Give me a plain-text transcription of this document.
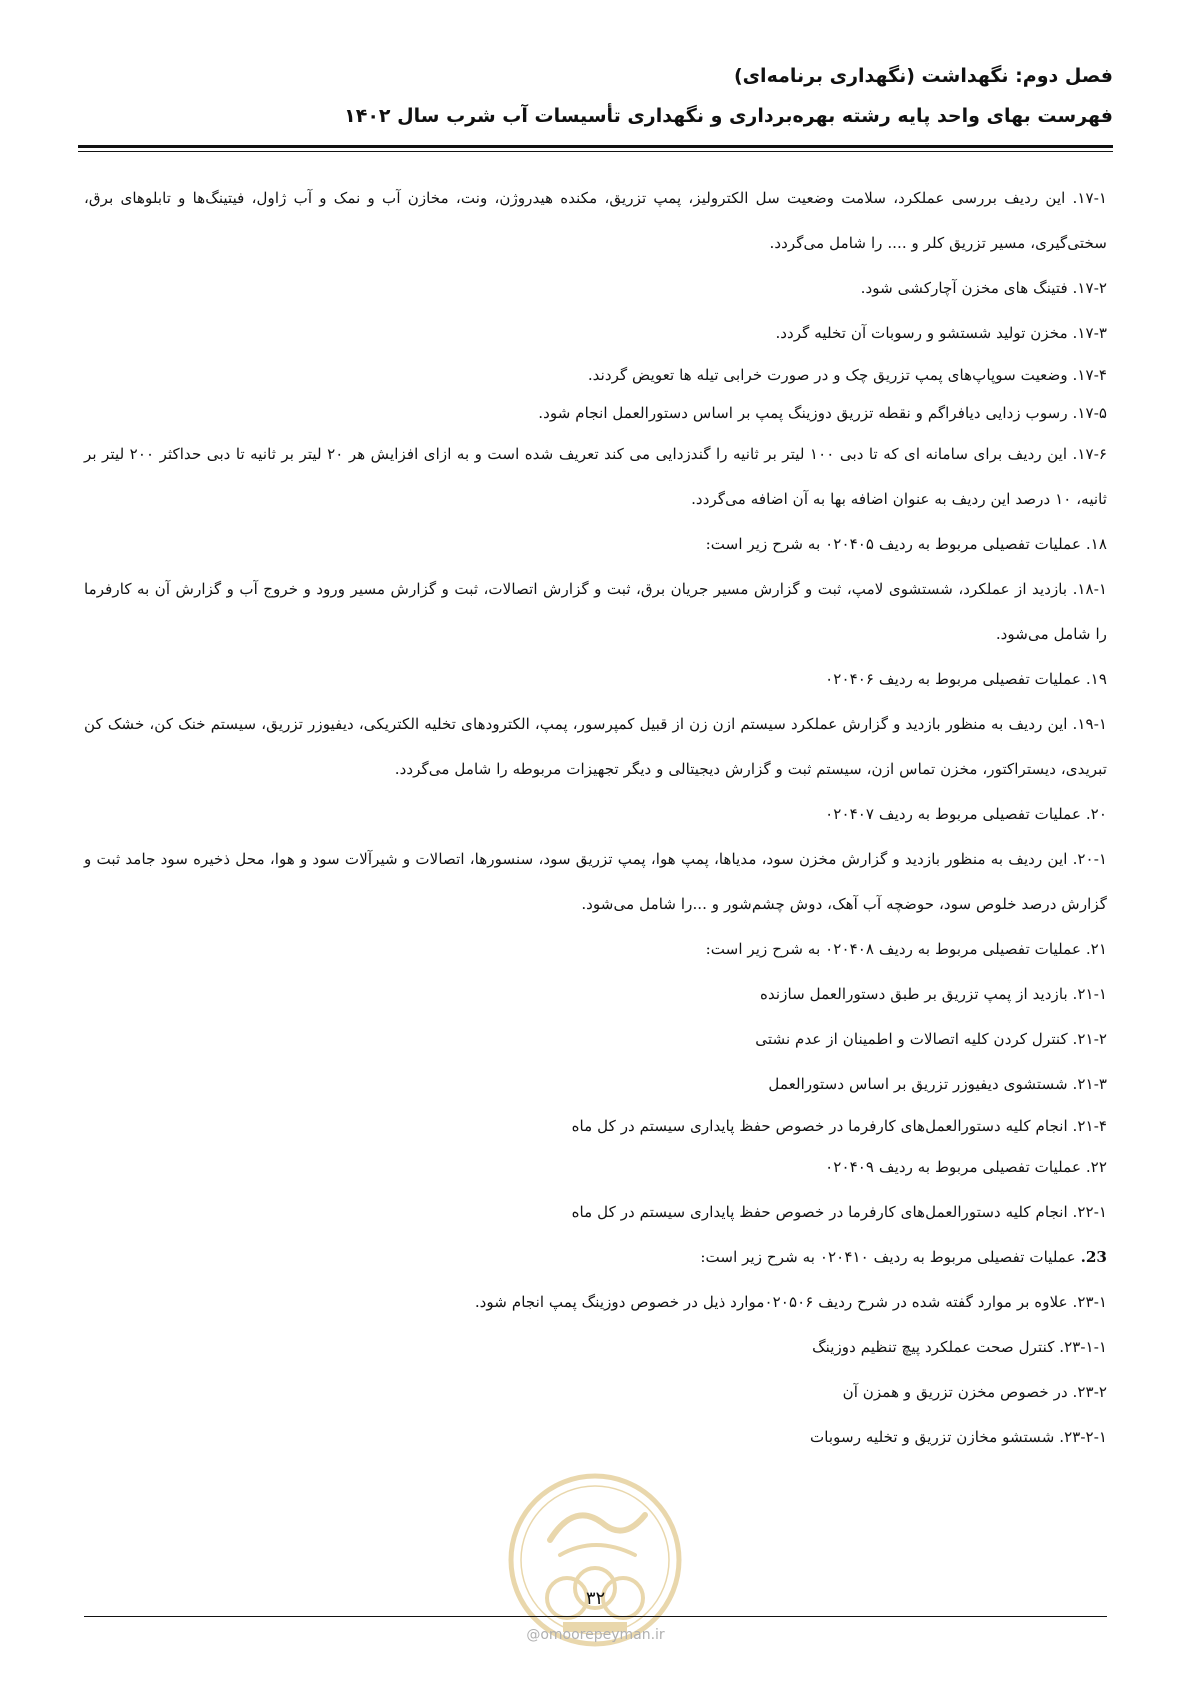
فصل دوم: نگهداشت (نگهداری برنامه‌ای)
فهرست بهای واحد پایه رشته بهره‌برداری و نگهداری تأسیسات آب شرب سال ۱۴۰۲

۱۷-۱. این ردیف بررسی عملکرد، سلامت وضعیت سل الکترولیز، پمپ تزریق، مکنده هیدروژن، ونت، مخازن آب و نمک و آب ژاول، فیتینگ‌ها و تابلوهای برق، سختی‌گیری، مسیر تزریق کلر و .... را شامل می‌گردد.

۱۷-۲. فتینگ های مخزن آچارکشی شود.

۱۷-۳. مخزن تولید شستشو و رسوبات آن تخلیه گردد.

۱۷-۴. وضعیت سوپاپ‌های پمپ تزریق چک و در صورت خرابی تیله ها تعویض گردند.

۱۷-۵. رسوب زدایی دیافراگم و نقطه تزریق دوزینگ پمپ بر اساس دستورالعمل انجام شود.

۱۷-۶. این ردیف برای سامانه ای که تا دبی ۱۰۰ لیتر بر ثانیه را گندزدایی می کند تعریف شده است و به ازای افزایش هر ۲۰ لیتر بر ثانیه تا دبی حداکثر ۲۰۰ لیتر بر ثانیه، ۱۰ درصد این ردیف به عنوان اضافه بها به آن اضافه می‌گردد.

۱۸. عملیات تفصیلی مربوط به ردیف ۰۲۰۴۰۵ به شرح زیر است:

۱۸-۱. بازدید از عملکرد، شستشوی لامپ، ثبت و گزارش مسیر جریان برق، ثبت و گزارش اتصالات، ثبت و گزارش مسیر ورود و خروج آب و گزارش آن به کارفرما را شامل می‌شود.

۱۹. عملیات تفصیلی مربوط به ردیف ۰۲۰۴۰۶

۱۹-۱. این ردیف به منظور بازدید و گزارش عملکرد سیستم ازن زن از قبیل کمپرسور، پمپ، الکترودهای تخلیه الکتریکی، دیفیوزر تزریق، سیستم خنک کن، خشک کن تبریدی، دیستراکتور، مخزن تماس ازن، سیستم ثبت و گزارش دیجیتالی و دیگر تجهیزات مربوطه را شامل می‌گردد.

۲۰. عملیات تفصیلی مربوط به ردیف ۰۲۰۴۰۷

۲۰-۱. این ردیف به منظور بازدید و گزارش مخزن سود، مدیاها، پمپ هوا، پمپ تزریق سود، سنسورها، اتصالات و شیرآلات سود و هوا، محل ذخیره سود جامد ثبت و گزارش درصد خلوص سود، حوضچه آب آهک، دوش چشم‌شور و ...را شامل می‌شود.

۲۱. عملیات تفصیلی مربوط به ردیف ۰۲۰۴۰۸ به شرح زیر است:

۲۱-۱. بازدید از پمپ تزریق بر طبق دستورالعمل سازنده

۲۱-۲. کنترل کردن کلیه اتصالات و اطمینان از عدم نشتی

۲۱-۳. شستشوی دیفیوزر تزریق بر اساس دستورالعمل

۲۱-۴. انجام کلیه دستورالعمل‌های کارفرما در خصوص حفظ پایداری سیستم در کل ماه

۲۲. عملیات تفصیلی مربوط به ردیف ۰۲۰۴۰۹

۲۲-۱. انجام کلیه دستورالعمل‌های کارفرما در خصوص حفظ پایداری سیستم در کل ماه

23. عملیات تفصیلی مربوط به ردیف ۰۲۰۴۱۰ به شرح زیر است:

۲۳-۱. علاوه بر موارد گفته شده در شرح ردیف ۰۲۰۵۰۶موارد ذیل در خصوص دوزینگ پمپ انجام شود.

۲۳-۱-۱. کنترل صحت عملکرد پیچ تنظیم دوزینگ

۲۳-۲. در خصوص مخزن تزریق و همزن آن

۲۳-۲-۱. شستشو مخازن تزریق و تخلیه رسوبات

۳۲
@omoorepeyman.ir
